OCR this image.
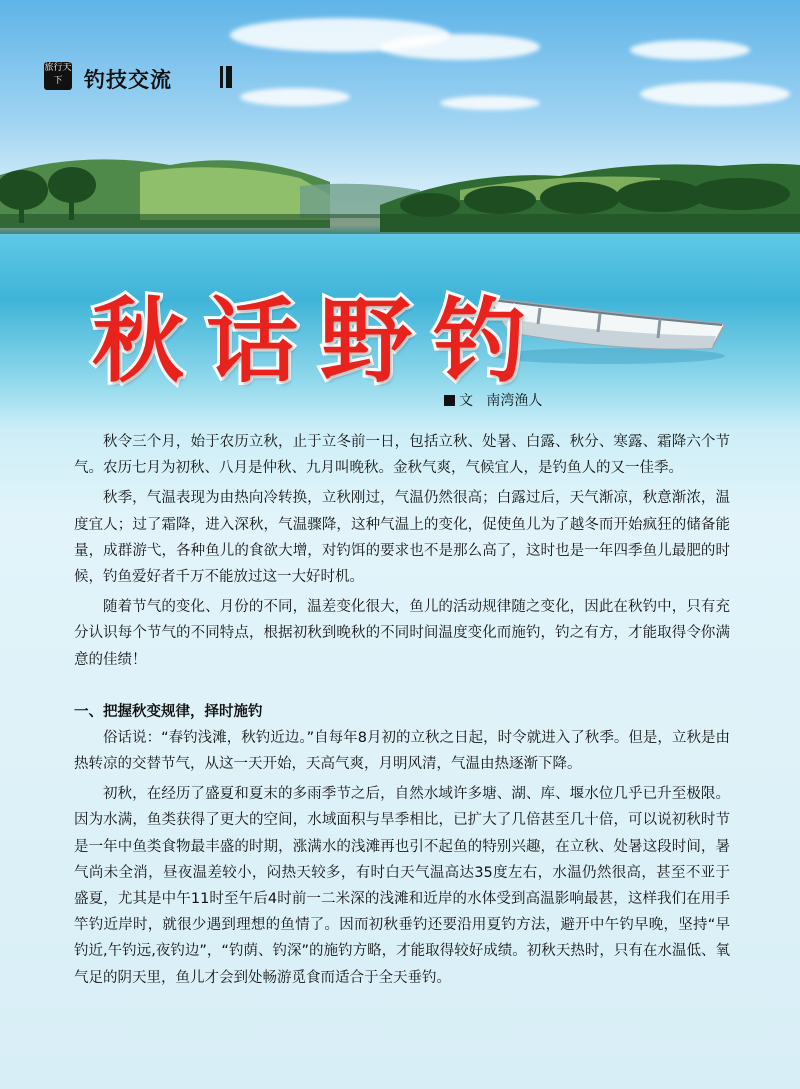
旅行天下	钓技交流
秋话野钓
文 南湾渔人

秋令三个月，始于农历立秋，止于立冬前一日，包括立秋、处暑、白露、秋分、寒露、霜降六个节气。农历七月为初秋、八月是仲秋、九月叫晚秋。金秋气爽，气候宜人，是钓鱼人的又一佳季。

秋季，气温表现为由热向冷转换，立秋刚过，气温仍然很高；白露过后，天气渐凉，秋意渐浓，温度宜人；过了霜降，进入深秋，气温骤降，这种气温上的变化，促使鱼儿为了越冬而开始疯狂的储备能量，成群游弋，各种鱼儿的食欲大增，对钓饵的要求也不是那么高了，这时也是一年四季鱼儿最肥的时候，钓鱼爱好者千万不能放过这一大好时机。

随着节气的变化、月份的不同，温差变化很大，鱼儿的活动规律随之变化，因此在秋钓中，只有充分认识每个节气的不同特点，根据初秋到晚秋的不同时间温度变化而施钓，钓之有方，才能取得令你满意的佳绩！

一、把握秋变规律，择时施钓

俗话说：“春钓浅滩，秋钓近边。”自每年8月初的立秋之日起，时令就进入了秋季。但是，立秋是由热转凉的交替节气，从这一天开始，天高气爽，月明风清，气温由热逐渐下降。

初秋，在经历了盛夏和夏末的多雨季节之后，自然水域许多塘、湖、库、堰水位几乎已升至极限。因为水满，鱼类获得了更大的空间，水域面积与旱季相比，已扩大了几倍甚至几十倍，可以说初秋时节是一年中鱼类食物最丰盛的时期，涨满水的浅滩再也引不起鱼的特别兴趣，在立秋、处暑这段时间，暑气尚未全消，昼夜温差较小，闷热天较多，有时白天气温高达35度左右，水温仍然很高，甚至不亚于盛夏，尤其是中午11时至午后4时前一二米深的浅滩和近岸的水体受到高温影响最甚，这样我们在用手竿钓近岸时，就很少遇到理想的鱼情了。因而初秋垂钓还要沿用夏钓方法，避开中午钓早晚，坚持“早钓近,午钓远,夜钓边”，“钓荫、钓深”的施钓方略，才能取得较好成绩。初秋天热时，只有在水温低、氧气足的阴天里，鱼儿才会到处畅游觅食而适合于全天垂钓。
